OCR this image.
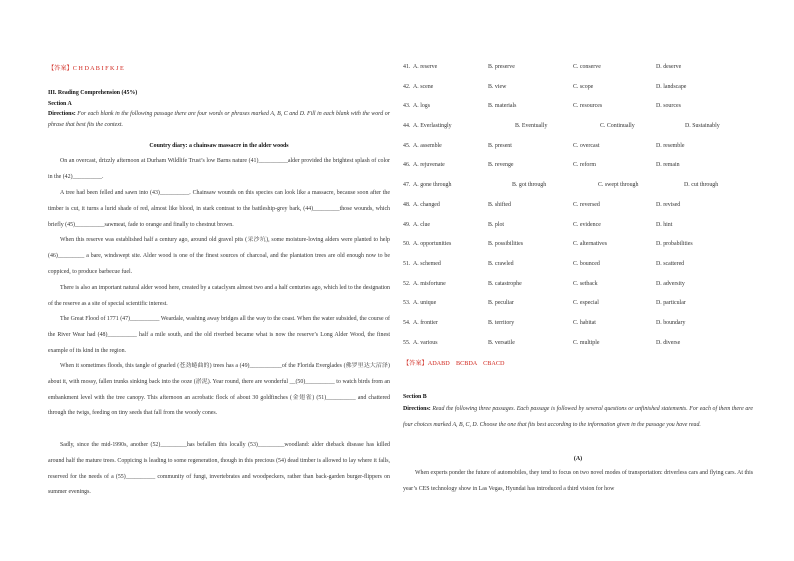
【答案】C H D A B I F K J E
III. Reading Comprehension (45%)
Section A
Directions: For each blank in the following passage there are four words or phrases marked A, B, C and D. Fill in each blank with the word or phrase that best fits the context.
Country diary: a chainsaw massacre in the alder woods
On an overcast, drizzly afternoon at Durham Wildlife Trust’s low Barns nature (41)__________alder provided the brightest splash of color in the (42)__________.
A tree had been felled and sawn into (43)__________. Chainsaw wounds on this species can look like a massacre, because soon after the timber is cut, it turns a lurid shade of red, almost like blood, in stark contrast to the battleship-grey bark, (44)_________those wounds, which briefly (45)__________sawmeat, fade to orange and finally to chestnut brown.
When this reserve was established half a century ago, around old gravel pits (采沙坑), some moisture-loving alders were planted to help (46)_________ a bare, windswept site. Alder wood is one of the finest sources of charcoal, and the plantation trees are old enough now to be coppiced, to produce barbecue fuel.
There is also an important natural alder wood here, created by a cataclysm almost two and a half centuries ago, which led to the designation of the reserve as a site of special scientific interest.
The Great Flood of 1771 (47)__________ Weardale, washing away bridges all the way to the coast. When the water subsided, the course of the River Wear had (48)__________ half a mile south, and the old riverbed became what is now the reserve’s Long Alder Wood, the finest example of its kind in the region.
When it sometimes floods, this tangle of gnarled (苍劲蜷曲的) trees has a (49)___________of the Florida Everglades (佛罗里达大沼泽) about it, with mossy, fallen trunks sinking back into the ooze (淤泥). Year round, there are wonderful __(50)__________ to watch birds from an embankment level with the tree canopy. This afternoon an acrobatic flock of about 30 goldfinches (金翅雀) (51)__________ and chattered through the twigs, feeding on tiny seeds that fall from the woody cones.
Sadly, since the mid-1990s, another (52)_________has befallen this locally (53)_________woodland: alder dieback disease has killed around half the mature trees. Coppicing is leading to some regeneration, though in this precious (54) dead timber is allowed to lay where it falls, reserved for the needs of a (55)__________ community of fungi, invertebrates and woodpeckers, rather than back-garden burger-flippers on summer evenings.
41. A. reserve	B. preserve	C. conserve	D. deserve
42. A. scene	B. view	C. scope	D. landscape
43. A. logs	B. materials	C. resources	D. sources
44. A. Everlastingly	B. Eventually	C. Continually	D. Sustainably
45. A. assemble	B. present	C. overcast	D. resemble
46. A. rejuvenate	B. revenge	C. reform	D. remain
47. A. gone through	B. got through	C. swept through	D. cut through
48. A. changed	B. shifted	C. reversed	D. revised
49. A. clue	B. plot	C. evidence	D. hint
50. A. opportunities	B. possibilities	C. alternatives	D. probabilities
51. A. schemed	B. crawled	C. bounced	D. scattered
52. A. misfortune	B. catastrophe	C. setback	D. adversity
53. A. unique	B. peculiar	C. especial	D. particular
54. A. frontier	B. territory	C. habitat	D. boundary
55. A. various	B. versatile	C. multiple	D. diverse
【答案】ADABD    BCBDA    CBACD
Section B
Directions: Read the following three passages. Each passage is followed by several questions or unfinished statements. For each of them there are four choices marked A, B, C, D. Choose the one that fits best according to the information given in the passage you have read.
(A)
When experts ponder the future of automobiles, they tend to focus on two novel modes of transportation: driverless cars and flying cars. At this year’s CES technology show in Las Vegas, Hyundai has introduced a third vision for how
